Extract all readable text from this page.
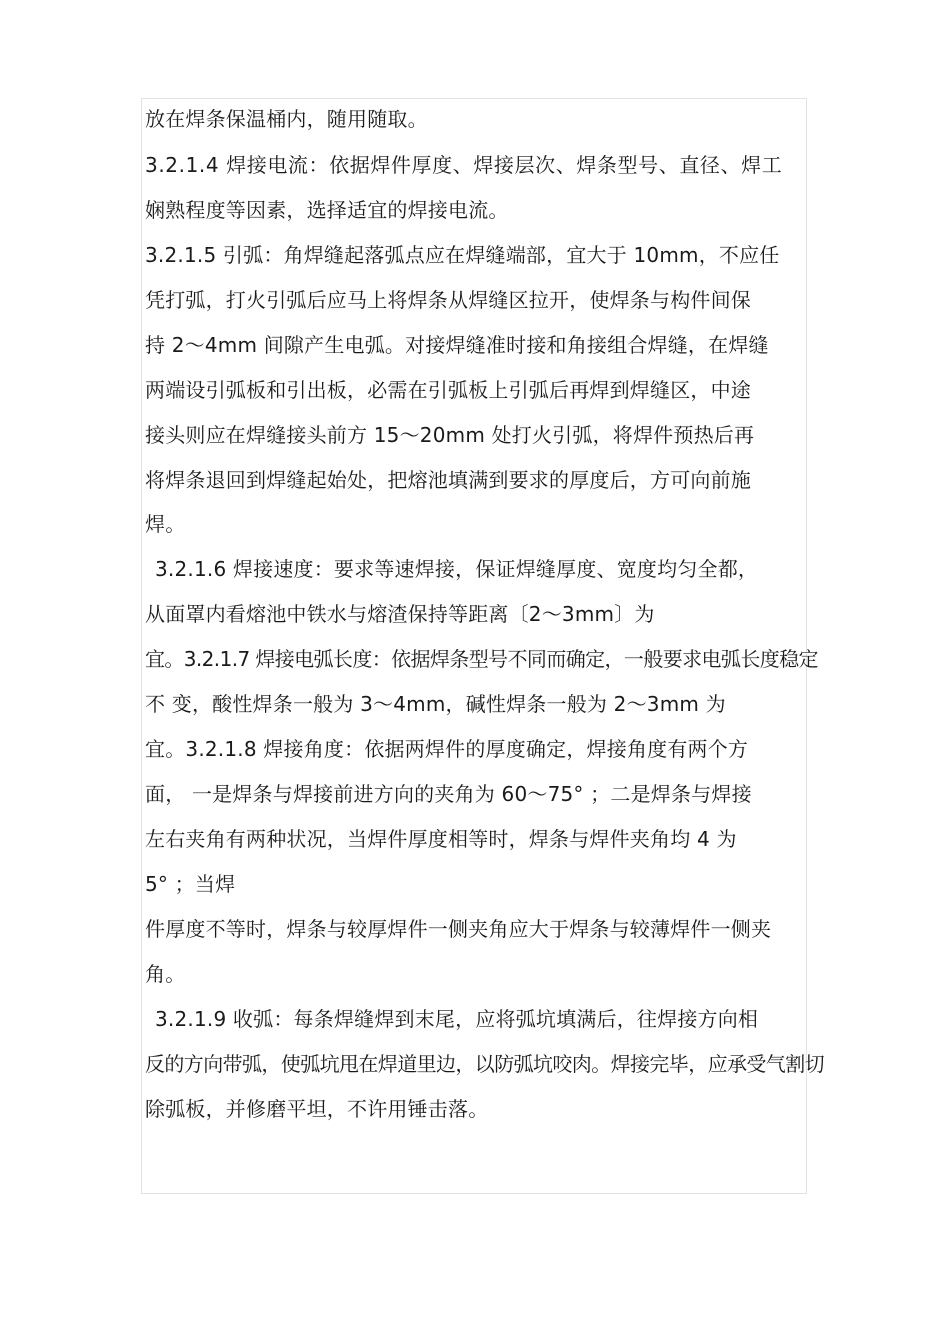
放在焊条保温桶内，随用随取。
3.2.1.4 焊接电流：依据焊件厚度、焊接层次、焊条型号、直径、焊工
娴熟程度等因素，选择适宜的焊接电流。
3.2.1.5 引弧：角焊缝起落弧点应在焊缝端部，宜大于 10mm，不应任
凭打弧，打火引弧后应马上将焊条从焊缝区拉开，使焊条与构件间保
持 2～4mm 间隙产生电弧。对接焊缝准时接和角接组合焊缝，在焊缝
两端设引弧板和引出板，必需在引弧板上引弧后再焊到焊缝区，中途
接头则应在焊缝接头前方 15～20mm 处打火引弧，将焊件预热后再
将焊条退回到焊缝起始处，把熔池填满到要求的厚度后，方可向前施
焊。
3.2.1.6 焊接速度：要求等速焊接，保证焊缝厚度、宽度均匀全都，
从面罩内看熔池中铁水与熔渣保持等距离〔2～3mm〕为
宜。3.2.1.7 焊接电弧长度：依据焊条型号不同而确定，一般要求电弧长度稳定
不 变，酸性焊条一般为 3～4mm，碱性焊条一般为 2～3mm 为
宜。3.2.1.8 焊接角度：依据两焊件的厚度确定，焊接角度有两个方
面， 一是焊条与焊接前进方向的夹角为 60～75° ；二是焊条与焊接
左右夹角有两种状况，当焊件厚度相等时，焊条与焊件夹角均 4 为
5° ；当焊
件厚度不等时，焊条与较厚焊件一侧夹角应大于焊条与较薄焊件一侧夹
角。
3.2.1.9 收弧：每条焊缝焊到末尾，应将弧坑填满后，往焊接方向相
反的方向带弧，使弧坑甩在焊道里边，以防弧坑咬肉。焊接完毕，应承受气割切
除弧板，并修磨平坦，不许用锤击落。
